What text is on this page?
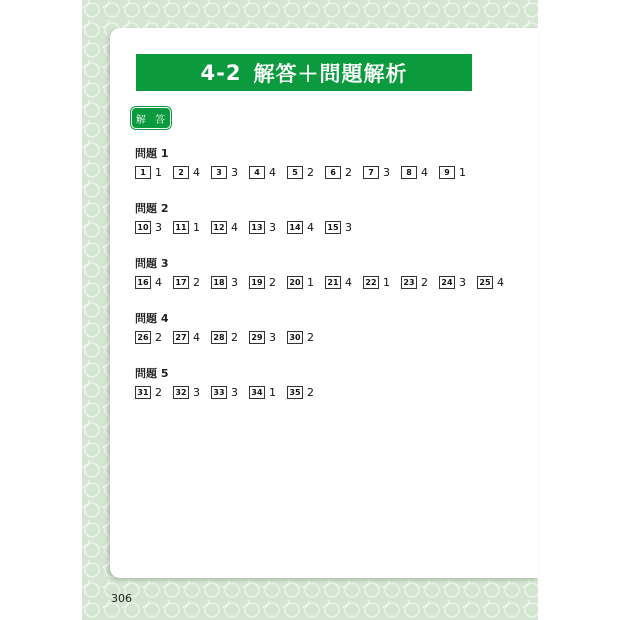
4-2 解答＋問題解析
解 答
問題 1
1 1	2 4	3 3	4 4	5 2	6 2	7 3	8 4	9 1
問題 2
10 3	11 1	12 4	13 3	14 4	15 3
問題 3
16 4	17 2	18 3	19 2	20 1	21 4	22 1	23 2	24 3	25 4
問題 4
26 2	27 4	28 2	29 3	30 2
問題 5
31 2	32 3	33 3	34 1	35 2
306
